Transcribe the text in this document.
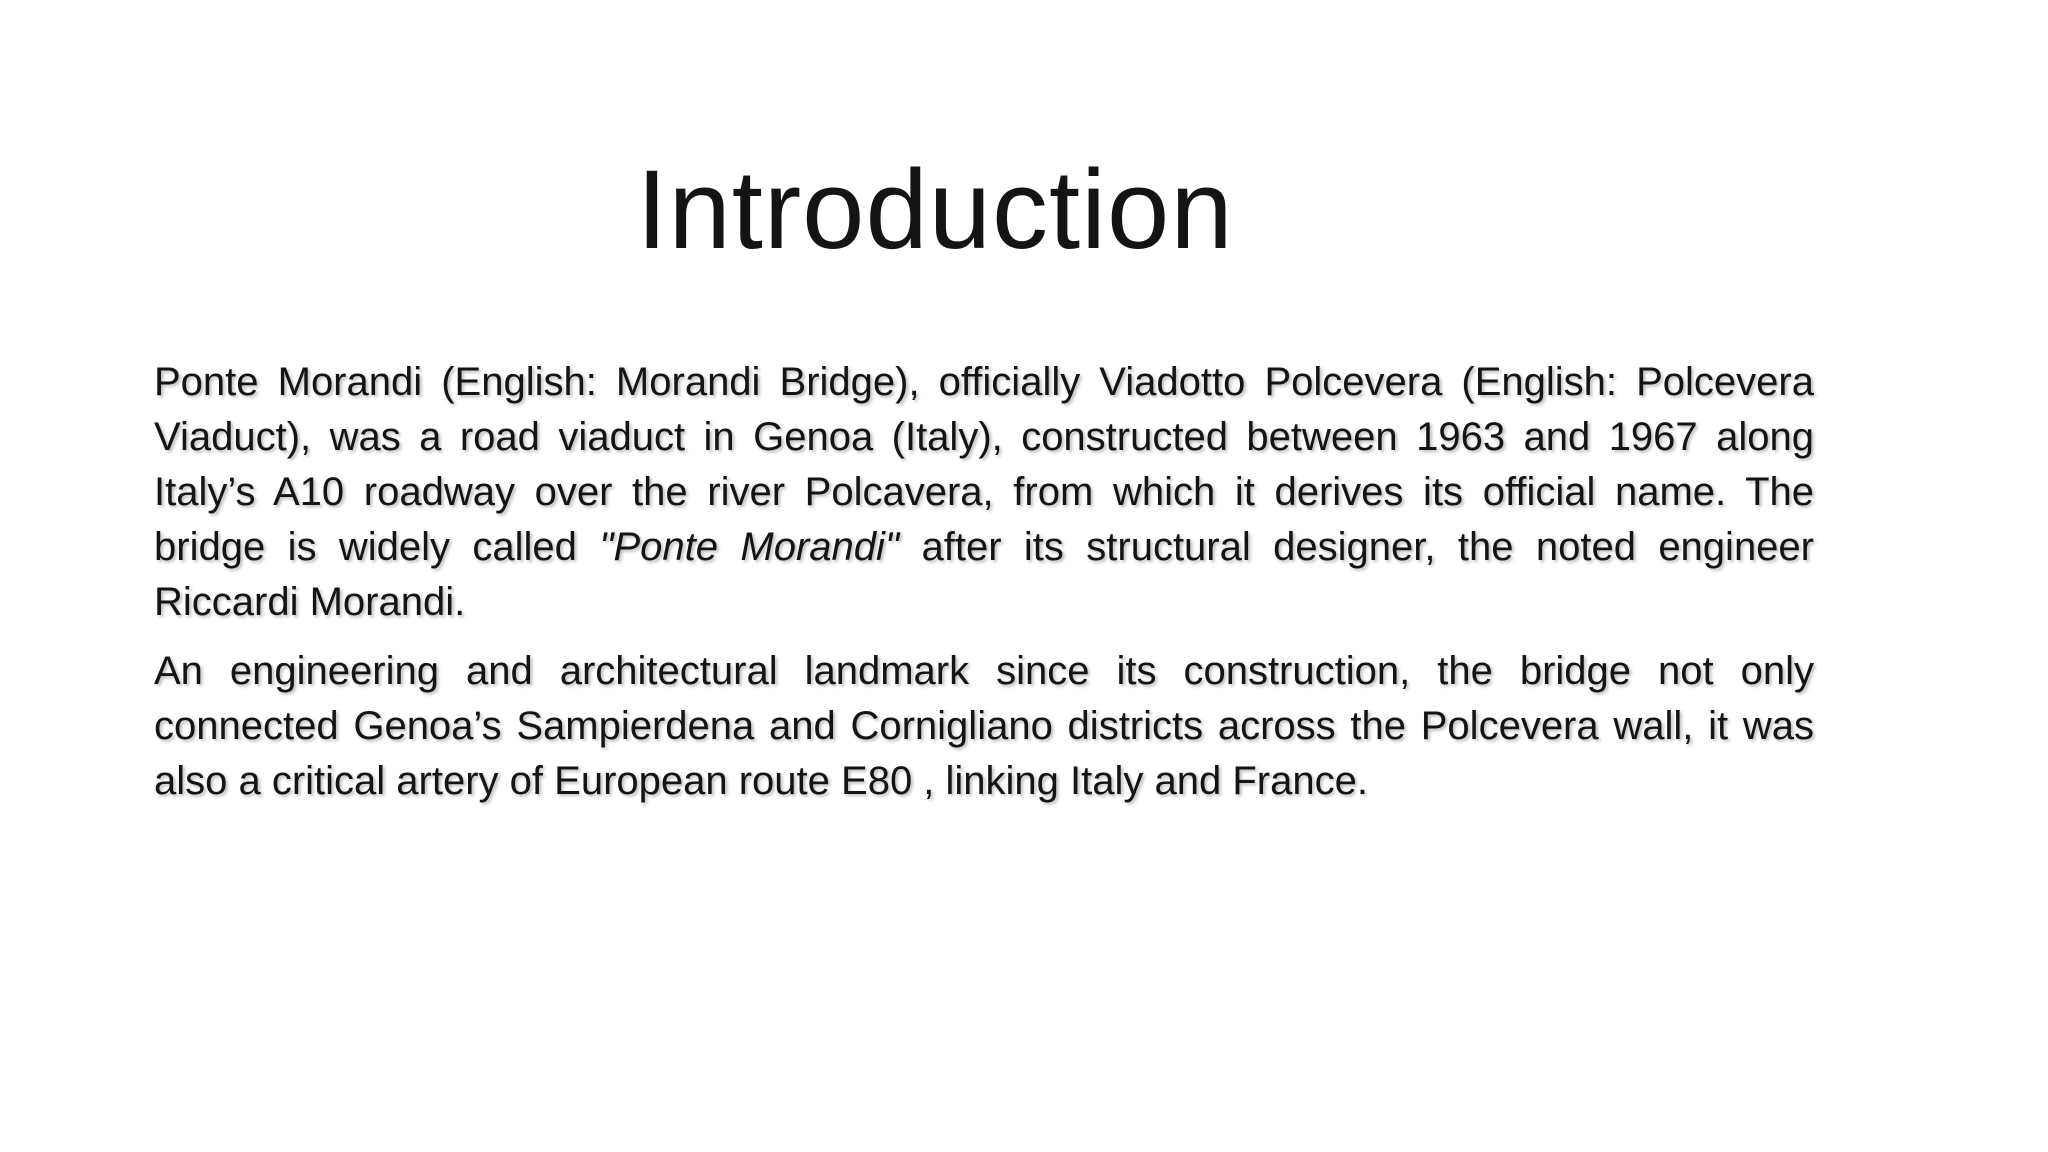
Introduction

Ponte Morandi (English: Morandi Bridge), officially Viadotto Polcevera (English: Polcevera Viaduct), was a road viaduct in Genoa (Italy), constructed between 1963 and 1967 along Italy’s A10 roadway over the river Polcavera, from which it derives its official name. The bridge is widely called "Ponte Morandi" after its structural designer, the noted engineer Riccardi Morandi.

An engineering and architectural landmark since its construction, the bridge not only connected Genoa’s Sampierdena and Cornigliano districts across the Polcevera wall, it was also a critical artery of European route E80 , linking Italy and France.
